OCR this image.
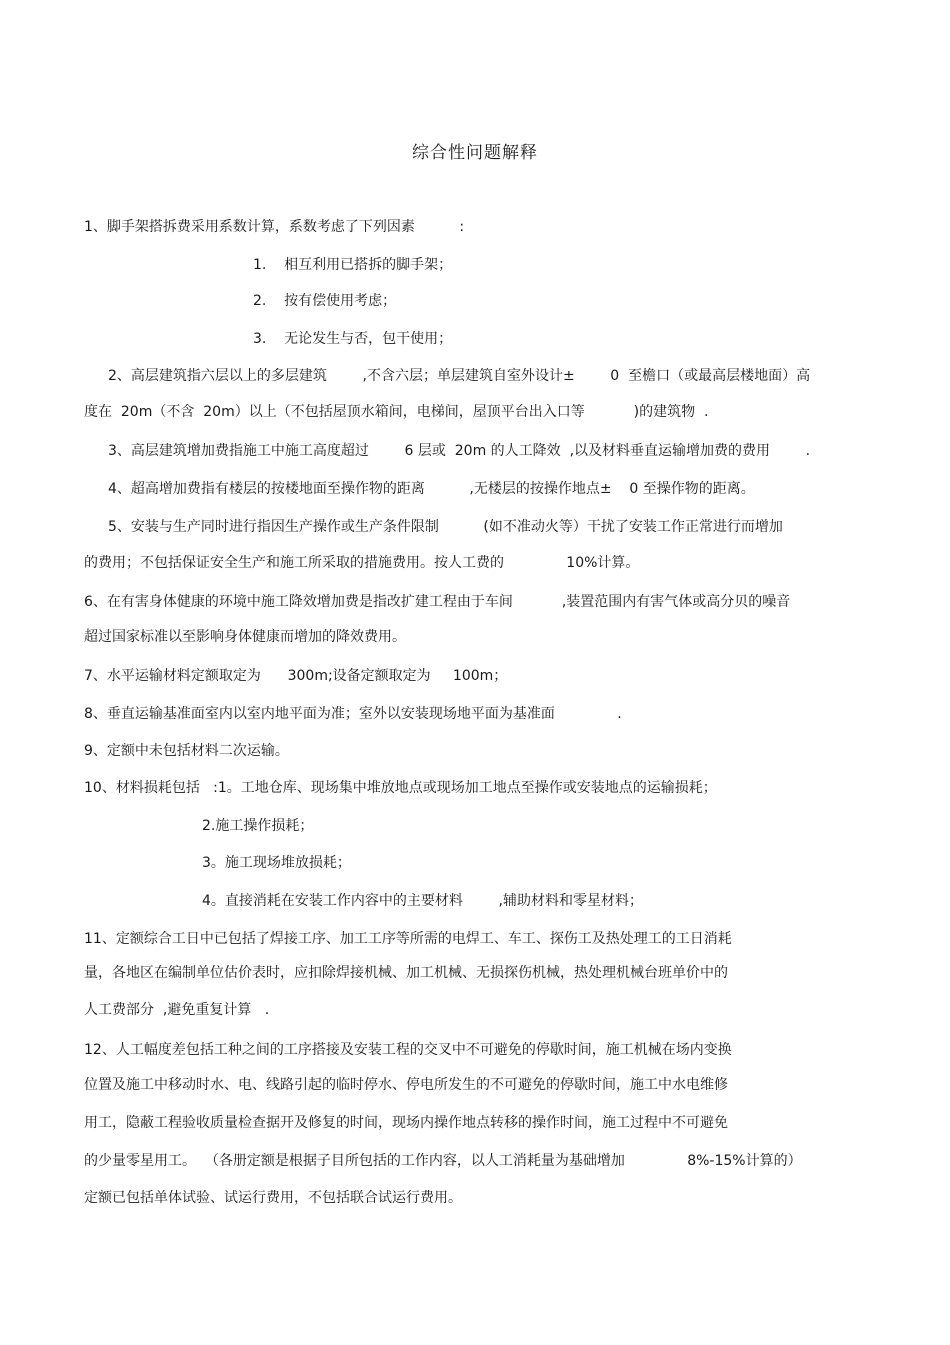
综合性问题解释
1、脚手架搭拆费采用系数计算，系数考虑了下列因素          :
1.    相互利用已搭拆的脚手架；
2.    按有偿使用考虑；
3.    无论发生与否，包干使用；
2、高层建筑指六层以上的多层建筑        ,不含六层；单层建筑自室外设计±        0  至檐口（或最高层楼地面）高
度在  20m（不含  20m）以上（不包括屋顶水箱间，电梯间，屋顶平台出入口等           )的建筑物  .
3、高层建筑增加费指施工中施工高度超过        6 层或  20m 的人工降效  ,以及材料垂直运输增加费的费用        .
4、超高增加费指有楼层的按楼地面至操作物的距离          ,无楼层的按操作地点±    0 至操作物的距离。
5、安装与生产同时进行指因生产操作或生产条件限制          (如不准动火等）干扰了安装工作正常进行而增加
的费用；不包括保证安全生产和施工所采取的措施费用。按人工费的              10%计算。
6、在有害身体健康的环境中施工降效增加费是指改扩建工程由于车间           ,装置范围内有害气体或高分贝的噪音
超过国家标准以至影响身体健康而增加的降效费用。
7、水平运输材料定额取定为      300m;设备定额取定为     100m；
8、垂直运输基准面室内以室内地平面为准；室外以安装现场地平面为基准面              .
9、定额中未包括材料二次运输。
10、材料损耗包括   :1。工地仓库、现场集中堆放地点或现场加工地点至操作或安装地点的运输损耗；
2.施工操作损耗；
3。施工现场堆放损耗；
4。直接消耗在安装工作内容中的主要材料        ,辅助材料和零星材料；
11、定额综合工日中已包括了焊接工序、加工工序等所需的电焊工、车工、探伤工及热处理工的工日消耗
量，各地区在编制单位估价表时，应扣除焊接机械、加工机械、无损探伤机械，热处理机械台班单价中的
人工费部分  ,避免重复计算   .
12、人工幅度差包括工种之间的工序搭接及安装工程的交叉中不可避免的停歇时间，施工机械在场内变换
位置及施工中移动时水、电、线路引起的临时停水、停电所发生的不可避免的停歇时间，施工中水电维修
用工，隐蔽工程验收质量检查据开及修复的时间，现场内操作地点转移的操作时间，施工过程中不可避免
的少量零星用工。  （各册定额是根据子目所包括的工作内容，以人工消耗量为基础增加              8%-15%计算的）
定额已包括单体试验、试运行费用，不包括联合试运行费用。
